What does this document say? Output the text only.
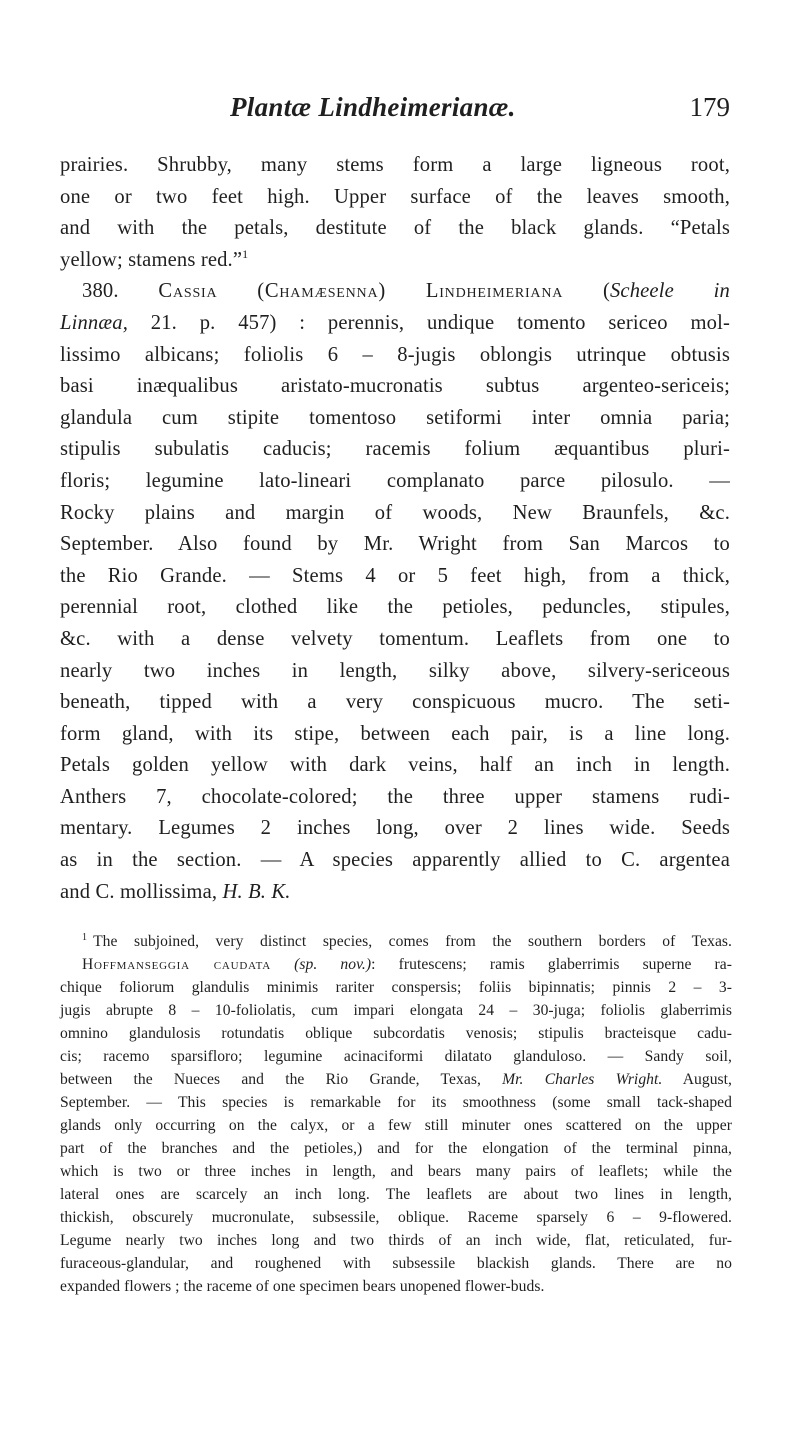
Plantæ Lindheimerianæ.	179

prairies. Shrubby, many stems form a large ligneous root,
one or two feet high. Upper surface of the leaves smooth,
and with the petals, destitute of the black glands. “Petals
yellow; stamens red.”$^1$

380. Cassia (Chamæsenna) Lindheimeriana (Scheele in
Linnæa, 21. p. 457) : perennis, undique tomento sericeo mol-
lissimo albicans; foliolis 6 – 8-jugis oblongis utrinque obtusis
basi inæqualibus aristato-mucronatis subtus argenteo-sericeis;
glandula cum stipite tomentoso setiformi inter omnia paria;
stipulis subulatis caducis; racemis folium æquantibus pluri-
floris; legumine lato-lineari complanato parce pilosulo. —
Rocky plains and margin of woods, New Braunfels, &c.
September. Also found by Mr. Wright from San Marcos to
the Rio Grande. — Stems 4 or 5 feet high, from a thick,
perennial root, clothed like the petioles, peduncles, stipules,
&c. with a dense velvety tomentum. Leaflets from one to
nearly two inches in length, silky above, silvery-sericeous
beneath, tipped with a very conspicuous mucro. The seti-
form gland, with its stipe, between each pair, is a line long.
Petals golden yellow with dark veins, half an inch in length.
Anthers 7, chocolate-colored; the three upper stamens rudi-
mentary. Legumes 2 inches long, over 2 lines wide. Seeds
as in the section. — A species apparently allied to C. argentea
and C. mollissima, H. B. K.

$^1$ The subjoined, very distinct species, comes from the southern borders of Texas.
Hoffmanseggia caudata (sp. nov.): frutescens; ramis glaberrimis superne ra-
chique foliorum glandulis minimis rariter conspersis; foliis bipinnatis; pinnis 2 – 3-
jugis abrupte 8 – 10-foliolatis, cum impari elongata 24 – 30-juga; foliolis glaberrimis
omnino glandulosis rotundatis oblique subcordatis venosis; stipulis bracteisque cadu-
cis; racemo sparsifloro; legumine acinaciformi dilatato glanduloso. — Sandy soil,
between the Nueces and the Rio Grande, Texas, Mr. Charles Wright. August,
September. — This species is remarkable for its smoothness (some small tack-shaped
glands only occurring on the calyx, or a few still minuter ones scattered on the upper
part of the branches and the petioles,) and for the elongation of the terminal pinna,
which is two or three inches in length, and bears many pairs of leaflets; while the
lateral ones are scarcely an inch long. The leaflets are about two lines in length,
thickish, obscurely mucronulate, subsessile, oblique. Raceme sparsely 6 – 9-flowered.
Legume nearly two inches long and two thirds of an inch wide, flat, reticulated, fur-
furaceous-glandular, and roughened with subsessile blackish glands. There are no
expanded flowers ; the raceme of one specimen bears unopened flower-buds.
